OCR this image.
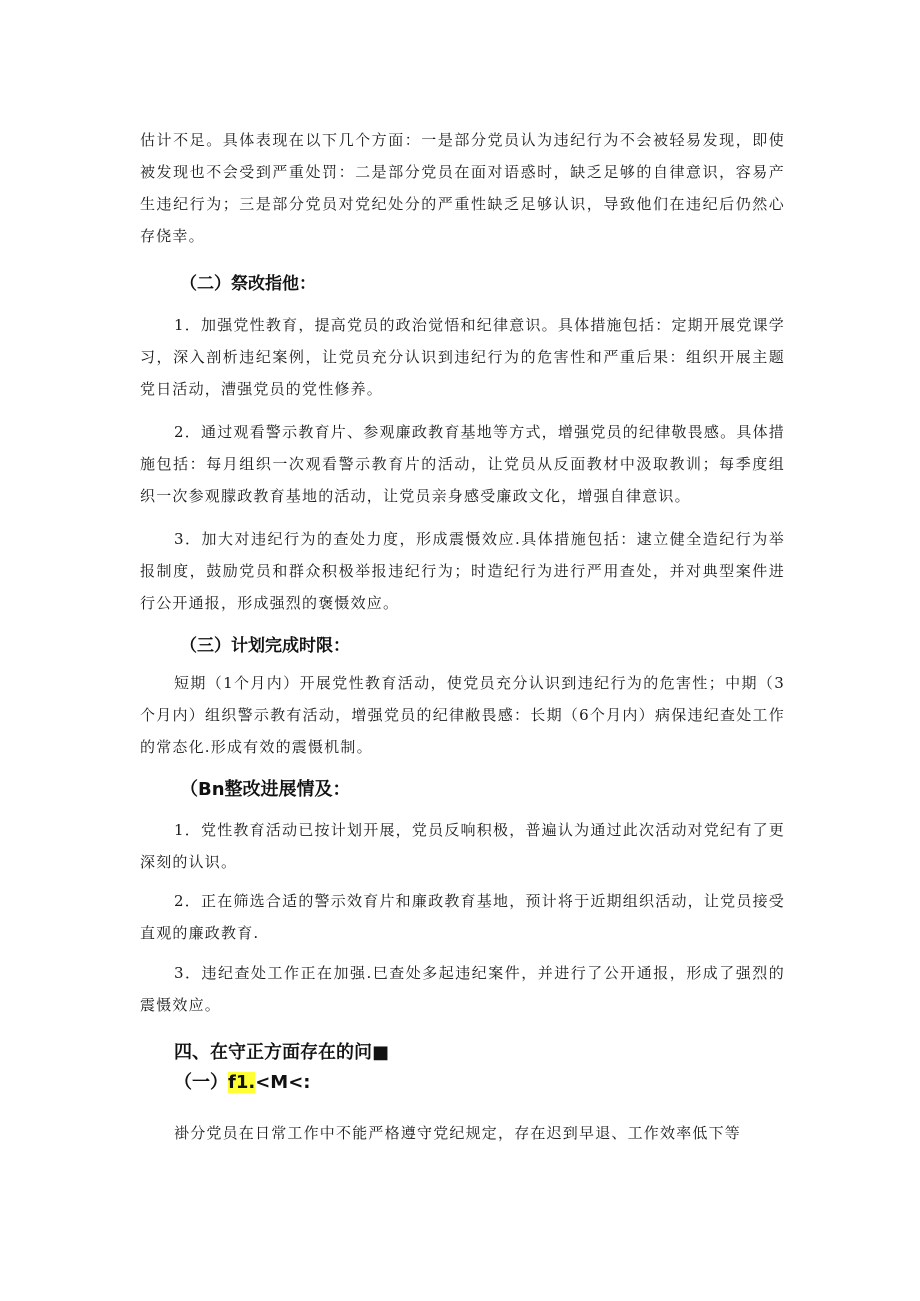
估计不足。具体表现在以下几个方面：一是部分党员认为违纪行为不会被轻易发现，即使被发现也不会受到严重处罚：二是部分党员在面对语惑时，缺乏足够的自律意识，容易产生违纪行为；三是部分党员对党纪处分的严重性缺乏足够认识，导致他们在违纪后仍然心存侥幸。

（二）祭改指他：

1．加强党性教育，提高党员的政治觉悟和纪律意识。具体措施包括：定期开展党课学习，深入剖析违纪案例，让党员充分认识到违纪行为的危害性和严重后果：组织开展主题党日活动，漕强党员的党性修养。

2．通过观看警示教育片、参观廉政教育基地等方式，增强党员的纪律敬畏感。具体措施包括：每月组织一次观看警示教育片的活动，让党员从反面教材中汲取教训；每季度组织一次参观朦政教育基地的活动，让党员亲身感受廉政文化，增强自律意识。

3．加大对违纪行为的查处力度，形成震慑效应.具体措施包括：逮立健全造纪行为举报制度，鼓励党员和群众积极举报违纪行为；时造纪行为进行严用查处，并对典型案件进行公开通报，形成强烈的褒慑效应。

（三）计划完成时限：

短期（1个月内）开展党性教育活动，使党员充分认识到违纪行为的危害性；中期（3个月内）组织警示教有活动，增强党员的纪律敝畏感：长期（6个月内）病保违纪查处工作的常态化.形成有效的震慑机制。

（Bn整改进展情及：

1．党性教育活动已按计划开展，党员反响积极，普遍认为通过此次活动对党纪有了更深刻的认识。

2．正在筛选合适的警示效育片和廉政教育基地，预计将于近期组织活动，让党员接受直观的廉政教育.

3．违纪查处工作正在加强.巳查处多起违纪案件，并进行了公开通报，形成了强烈的震慑效应。

四、在守正方面存在的问■
（一）f1.<M<:

褂分党员在日常工作中不能严格遵守党纪规定，存在迟到早退、工作效率低下等
